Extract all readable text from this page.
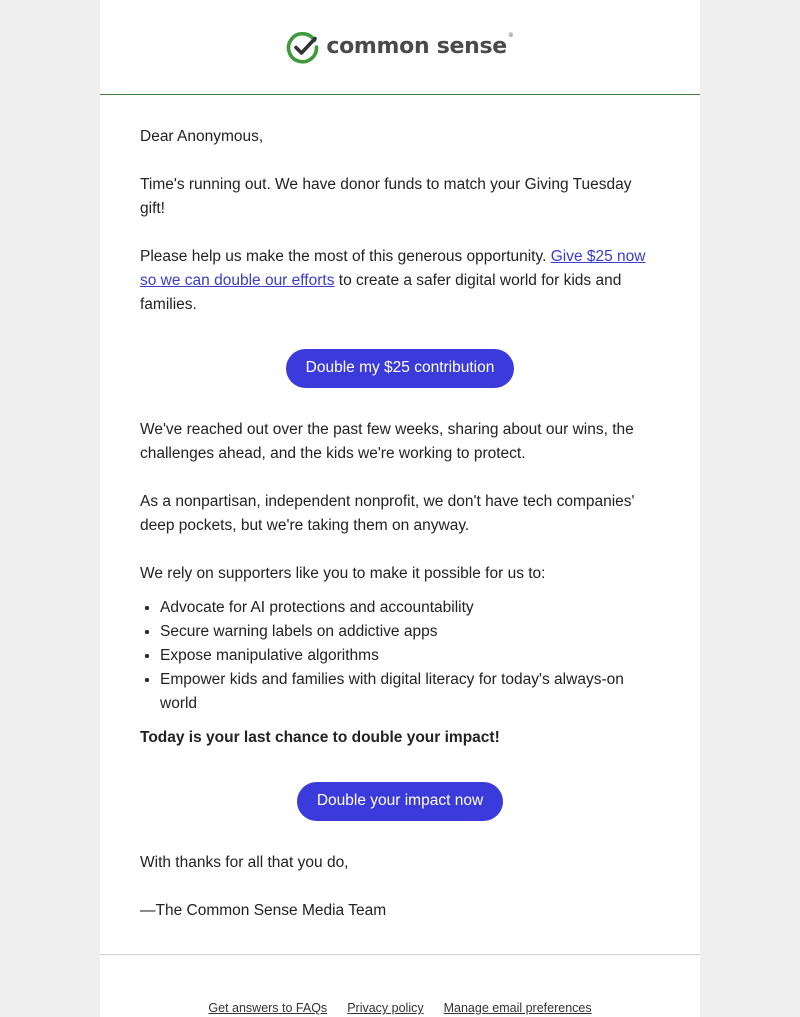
common sense®

Dear Anonymous,

Time's running out. We have donor funds to match your Giving Tuesday gift!

Please help us make the most of this generous opportunity. Give $25 now so we can double our efforts to create a safer digital world for kids and families.

Double my $25 contribution

We've reached out over the past few weeks, sharing about our wins, the challenges ahead, and the kids we're working to protect.

As a nonpartisan, independent nonprofit, we don't have tech companies' deep pockets, but we're taking them on anyway.

We rely on supporters like you to make it possible for us to:

• Advocate for AI protections and accountability
• Secure warning labels on addictive apps
• Expose manipulative algorithms
• Empower kids and families with digital literacy for today's always-on world

Today is your last chance to double your impact!

Double your impact now

With thanks for all that you do,

—The Common Sense Media Team

Get answers to FAQs Privacy policy Manage email preferences
